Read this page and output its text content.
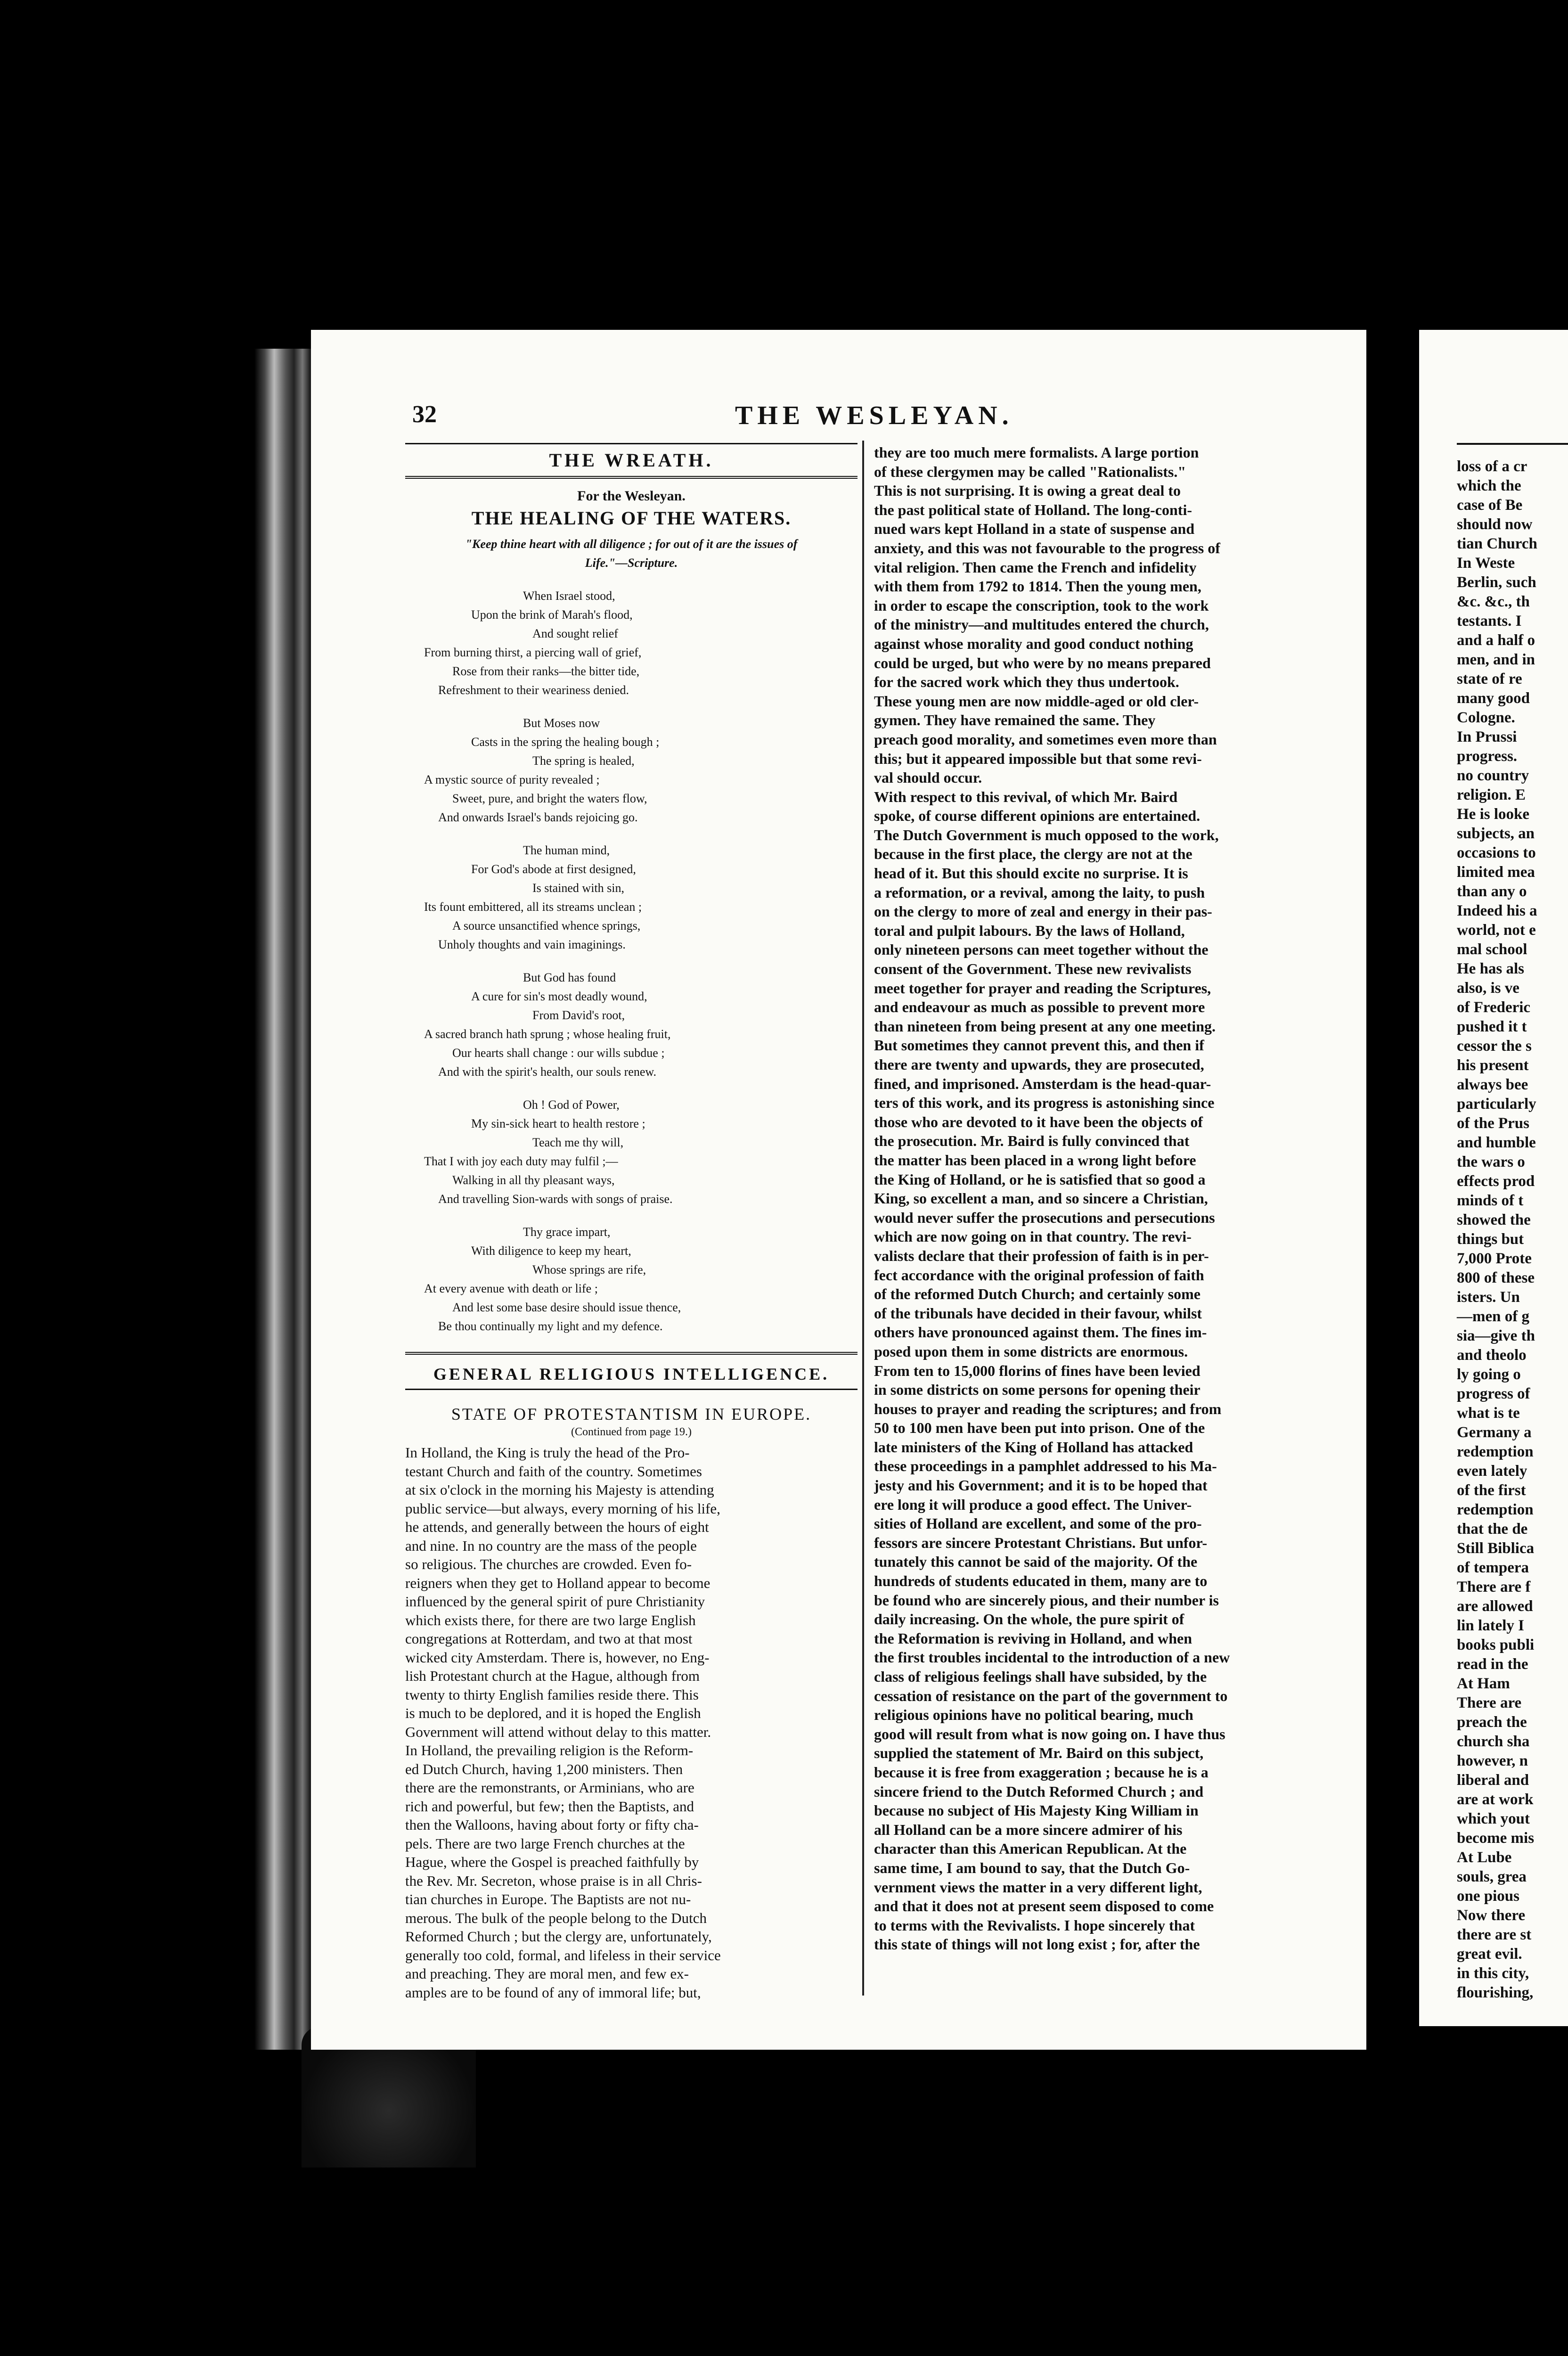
32	THE WESLEYAN.
THE WREATH.
For the Wesleyan.
THE HEALING OF THE WATERS.
"Keep thine heart with all diligence ; for out of it are the issues of
Life."—Scripture.
When Israel stood,
Upon the brink of Marah's flood,
And sought relief
From burning thirst, a piercing wall of grief,
Rose from their ranks—the bitter tide,
Refreshment to their weariness denied.
But Moses now
Casts in the spring the healing bough ;
The spring is healed,
A mystic source of purity revealed ;
Sweet, pure, and bright the waters flow,
And onwards Israel's bands rejoicing go.
The human mind,
For God's abode at first designed,
Is stained with sin,
Its fount embittered, all its streams unclean ;
A source unsanctified whence springs,
Unholy thoughts and vain imaginings.
But God has found
A cure for sin's most deadly wound,
From David's root,
A sacred branch hath sprung ; whose healing fruit,
Our hearts shall change : our wills subdue ;
And with the spirit's health, our souls renew.
Oh ! God of Power,
My sin-sick heart to health restore ;
Teach me thy will,
That I with joy each duty may fulfil ;—
Walking in all thy pleasant ways,
And travelling Sion-wards with songs of praise.
Thy grace impart,
With diligence to keep my heart,
Whose springs are rife,
At every avenue with death or life ;
And lest some base desire should issue thence,
Be thou continually my light and my defence.
GENERAL RELIGIOUS INTELLIGENCE.
STATE OF PROTESTANTISM IN EUROPE.
(Continued from page 19.)
In Holland, the King is truly the head of the Pro-
testant Church and faith of the country. Sometimes
at six o'clock in the morning his Majesty is attending
public service—but always, every morning of his life,
he attends, and generally between the hours of eight
and nine. In no country are the mass of the people
so religious. The churches are crowded. Even fo-
reigners when they get to Holland appear to become
influenced by the general spirit of pure Christianity
which exists there, for there are two large English
congregations at Rotterdam, and two at that most
wicked city Amsterdam. There is, however, no Eng-
lish Protestant church at the Hague, although from
twenty to thirty English families reside there. This
is much to be deplored, and it is hoped the English
Government will attend without delay to this matter.
In Holland, the prevailing religion is the Reform-
ed Dutch Church, having 1,200 ministers. Then
there are the remonstrants, or Arminians, who are
rich and powerful, but few; then the Baptists, and
then the Walloons, having about forty or fifty cha-
pels. There are two large French churches at the
Hague, where the Gospel is preached faithfully by
the Rev. Mr. Secreton, whose praise is in all Chris-
tian churches in Europe. The Baptists are not nu-
merous. The bulk of the people belong to the Dutch
Reformed Church ; but the clergy are, unfortunately,
generally too cold, formal, and lifeless in their service
and preaching. They are moral men, and few ex-
amples are to be found of any of immoral life; but,
they are too much mere formalists. A large portion
of these clergymen may be called "Rationalists."
This is not surprising. It is owing a great deal to
the past political state of Holland. The long-conti-
nued wars kept Holland in a state of suspense and
anxiety, and this was not favourable to the progress of
vital religion. Then came the French and infidelity
with them from 1792 to 1814. Then the young men,
in order to escape the conscription, took to the work
of the ministry—and multitudes entered the church,
against whose morality and good conduct nothing
could be urged, but who were by no means prepared
for the sacred work which they thus undertook.
These young men are now middle-aged or old cler-
gymen. They have remained the same. They
preach good morality, and sometimes even more than
this; but it appeared impossible but that some revi-
val should occur.
With respect to this revival, of which Mr. Baird
spoke, of course different opinions are entertained.
The Dutch Government is much opposed to the work,
because in the first place, the clergy are not at the
head of it. But this should excite no surprise. It is
a reformation, or a revival, among the laity, to push
on the clergy to more of zeal and energy in their pas-
toral and pulpit labours. By the laws of Holland,
only nineteen persons can meet together without the
consent of the Government. These new revivalists
meet together for prayer and reading the Scriptures,
and endeavour as much as possible to prevent more
than nineteen from being present at any one meeting.
But sometimes they cannot prevent this, and then if
there are twenty and upwards, they are prosecuted,
fined, and imprisoned. Amsterdam is the head-quar-
ters of this work, and its progress is astonishing since
those who are devoted to it have been the objects of
the prosecution. Mr. Baird is fully convinced that
the matter has been placed in a wrong light before
the King of Holland, or he is satisfied that so good a
King, so excellent a man, and so sincere a Christian,
would never suffer the prosecutions and persecutions
which are now going on in that country. The revi-
valists declare that their profession of faith is in per-
fect accordance with the original profession of faith
of the reformed Dutch Church; and certainly some
of the tribunals have decided in their favour, whilst
others have pronounced against them. The fines im-
posed upon them in some districts are enormous.
From ten to 15,000 florins of fines have been levied
in some districts on some persons for opening their
houses to prayer and reading the scriptures; and from
50 to 100 men have been put into prison. One of the
late ministers of the King of Holland has attacked
these proceedings in a pamphlet addressed to his Ma-
jesty and his Government; and it is to be hoped that
ere long it will produce a good effect. The Univer-
sities of Holland are excellent, and some of the pro-
fessors are sincere Protestant Christians. But unfor-
tunately this cannot be said of the majority. Of the
hundreds of students educated in them, many are to
be found who are sincerely pious, and their number is
daily increasing. On the whole, the pure spirit of
the Reformation is reviving in Holland, and when
the first troubles incidental to the introduction of a new
class of religious feelings shall have subsided, by the
cessation of resistance on the part of the government to
religious opinions have no political bearing, much
good will result from what is now going on. I have thus
supplied the statement of Mr. Baird on this subject,
because it is free from exaggeration ; because he is a
sincere friend to the Dutch Reformed Church ; and
because no subject of His Majesty King William in
all Holland can be a more sincere admirer of his
character than this American Republican. At the
same time, I am bound to say, that the Dutch Go-
vernment views the matter in a very different light,
and that it does not at present seem disposed to come
to terms with the Revivalists. I hope sincerely that
this state of things will not long exist ; for, after the
loss of a cr
which the
case of Be
should now
tian Church
In Weste
Berlin, such
&c. &c., th
testants. I
and a half o
men, and in
state of re
many good
Cologne.
In Prussi
progress.
no country
religion. E
He is looke
subjects, an
occasions to
limited mea
than any o
Indeed his a
world, not e
mal school
He has als
also, is ve
of Frederic
pushed it t
cessor the s
his present
always bee
particularly
of the Prus
and humble
the wars o
effects prod
minds of t
showed the
things but
7,000 Prote
800 of these
isters. Un
—men of g
sia—give th
and theolo
ly going o
progress of
what is te
Germany a
redemption
even lately
of the first
redemption
that the de
Still Biblica
of tempera
There are f
are allowed
lin lately I
books publi
read in the
At Ham
There are
preach the
church sha
however, n
liberal and
are at work
which yout
become mis
At Lube
souls, grea
one pious
Now there
there are st
great evil.
in this city,
flourishing,
